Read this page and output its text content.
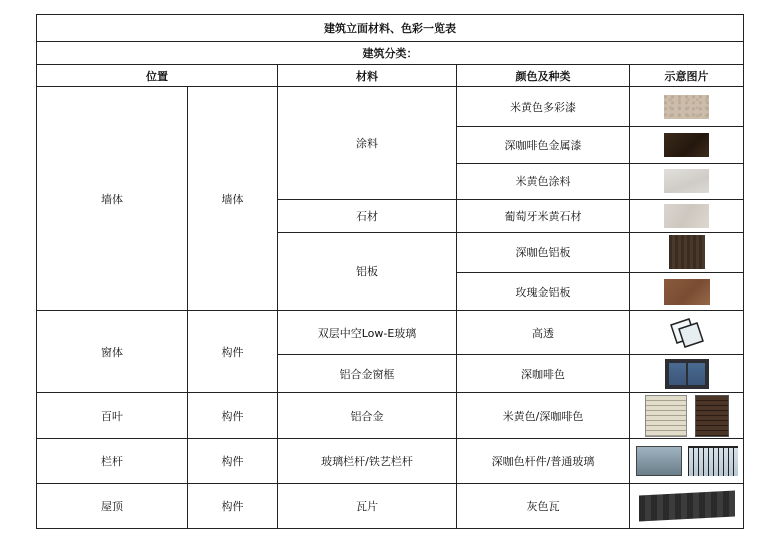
建筑立面材料、色彩一览表				
建筑分类：				
位置		材料	颜色及种类	示意图片
墙体	墙体	涂料	米黄色多彩漆	
			深咖啡色金属漆	
			米黄色涂料	
		石材	葡萄牙米黄石材	
		铝板	深咖色铝板	
			玫瑰金铝板	
窗体	构件	双层中空Low-E玻璃	高透	
		铝合金窗框	深咖啡色	
百叶	构件	铝合金	米黄色/深咖啡色	
栏杆	构件	玻璃栏杆/铁艺栏杆	深咖色杆件/普通玻璃	
屋顶	构件	瓦片	灰色瓦	
